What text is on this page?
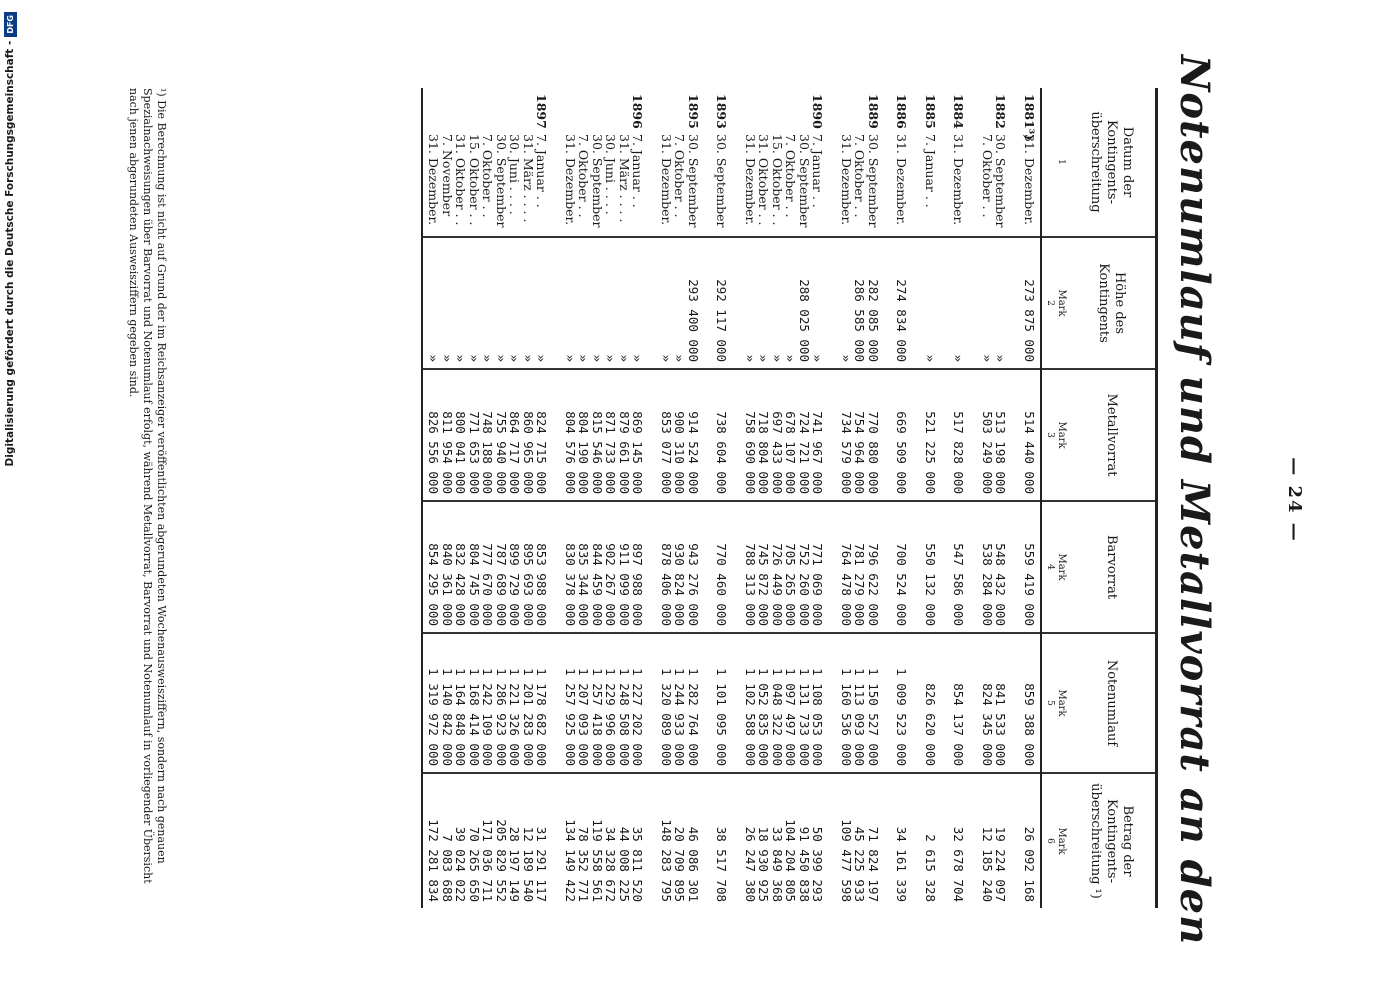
— 24 —
Notenumlauf und Metallvorrat an den
Datum der Kontingents-überschreitung
Höhe des Kontingents
Metallvorrat
Barvorrat
Notenumlauf
Betrag der Kontingents-überschreitung ¹)
1
Mark
2
Mark
3
Mark
4
Mark
5
Mark
6
1881³)31. Dezember.
188230. September
7. Oktober . .
188431. Dezember.
18857. Januar . .
188631. Dezember.
188930. September
7. Oktober . .
31. Dezember.
18907. Januar . .
30. September
7. Oktober . .
15. Oktober . .
31. Oktober . .
31. Dezember.
189330. September
189530. September
7. Oktober . .
31. Dezember.
18967. Januar . .
31. März . . . .
30. Juni . . . .
30. September
7. Oktober . .
31. Dezember.
18977. Januar . .
31. März . . . .
30. Juni . . . .
30. September
7. Oktober . .
15. Oktober . .
31. Oktober . .
7. November
31. Dezember.
273 875 000
»
»
»
»
274 834 000
282 085 000
286 585 000
»
»
288 025 000
»
»
»
»
292 117 000
293 400 000
»
»
»
»
»
»
»
»
»
»
»
»
»
»
»
»
»
514 440 000
513 198 000
503 249 000
517 828 000
521 225 000
669 509 000
770 880 000
754 964 000
734 579 000
741 967 000
724 721 000
678 107 000
697 433 000
718 804 000
758 690 000
738 604 000
914 524 000
900 310 000
853 077 000
869 145 000
879 661 000
871 733 000
815 546 000
804 190 000
804 576 000
824 715 000
860 965 000
864 717 000
755 940 000
748 188 000
771 653 000
800 041 000
811 954 000
826 556 000
559 419 000
548 432 000
538 284 000
547 586 000
550 132 000
700 524 000
796 622 000
781 279 000
764 478 000
771 069 000
752 260 000
705 265 000
726 449 000
745 872 000
788 313 000
770 460 000
943 276 000
930 824 000
878 406 000
897 988 000
911 099 000
902 267 000
844 459 000
835 344 000
830 378 000
853 988 000
895 693 000
899 729 000
787 689 000
777 670 000
804 745 000
832 428 000
840 361 000
854 295 000
859 388 000
841 533 000
824 345 000
854 137 000
826 620 000
1 009 523 000
1 150 527 000
1 113 093 000
1 160 536 000
1 108 053 000
1 131 733 000
1 097 497 000
1 048 322 000
1 052 835 000
1 102 588 000
1 101 095 000
1 282 764 000
1 244 933 000
1 320 089 000
1 227 202 000
1 248 508 000
1 229 996 000
1 257 418 000
1 207 093 000
1 257 925 000
1 178 682 000
1 201 283 000
1 221 326 000
1 286 923 000
1 242 109 000
1 168 414 000
1 164 848 000
1 140 842 000
1 319 972 000
26 092 168
19 224 097
12 185 240
32 678 704
2 615 328
34 161 339
71 824 197
45 225 933
109 477 598
50 399 293
91 450 838
104 204 805
33 849 368
18 930 925
26 247 380
38 517 708
46 086 301
20 709 895
148 283 795
35 811 520
44 008 225
34 328 672
119 558 561
78 352 771
134 149 422
31 291 117
12 189 540
28 197 149
205 829 552
171 036 711
70 265 650
39 024 022
7 083 688
172 281 834
¹) Die Berechnung ist nicht auf Grund der im Reichsanzeiger veröffentlichten abgerundeten Wochenausweisziffern, sondern nach genauen Spezialnachweisungen über Barvorrat und Notenumlauf erfolgt, während Metallvorrat, Barvorrat und Notenumlauf in vorliegender Übersicht nach jenen abgerundeten Ausweisziffern gegeben sind.
Digitalisierung gefördert durch die Deutsche Forschungsgemeinschaft -
DFG
